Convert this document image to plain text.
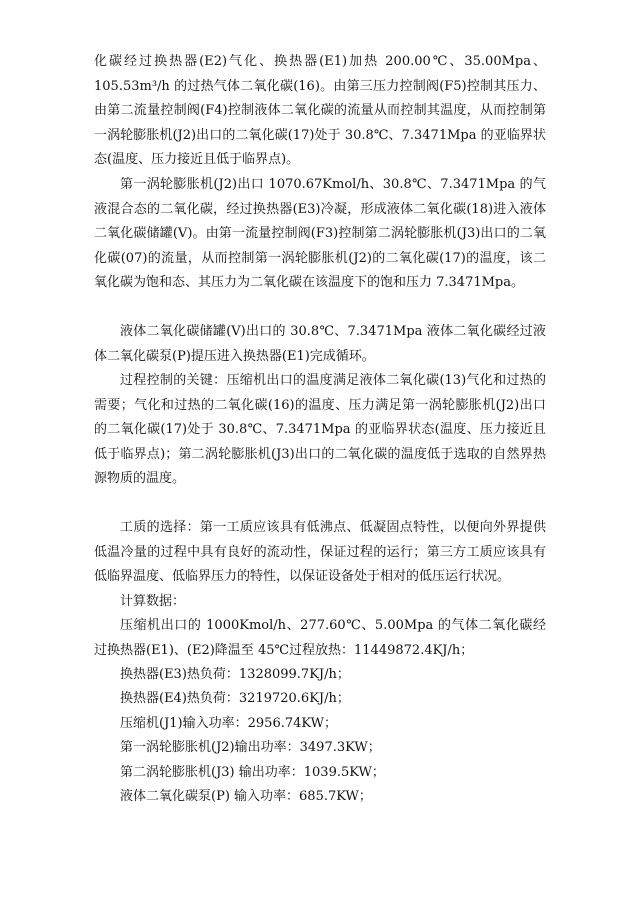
化碳经过换热器(E2)气化、换热器(E1)加热 200.00℃、35.00Mpa、105.53m³/h 的过热气体二氧化碳(16)。由第三压力控制阀(F5)控制其压力、由第二流量控制阀(F4)控制液体二氧化碳的流量从而控制其温度，从而控制第一涡轮膨胀机(J2)出口的二氧化碳(17)处于 30.8℃、7.3471Mpa 的亚临界状态(温度、压力接近且低于临界点)。

第一涡轮膨胀机(J2)出口 1070.67Kmol/h、30.8℃、7.3471Mpa 的气液混合态的二氧化碳，经过换热器(E3)冷凝，形成液体二氧化碳(18)进入液体二氧化碳储罐(V)。由第一流量控制阀(F3)控制第二涡轮膨胀机(J3)出口的二氧化碳(07)的流量，从而控制第一涡轮膨胀机(J2)的二氧化碳(17)的温度，该二氧化碳为饱和态、其压力为二氧化碳在该温度下的饱和压力 7.3471Mpa。

液体二氧化碳储罐(V)出口的 30.8℃、7.3471Mpa 液体二氧化碳经过液体二氧化碳泵(P)提压进入换热器(E1)完成循环。

过程控制的关键：压缩机出口的温度满足液体二氧化碳(13)气化和过热的需要；气化和过热的二氧化碳(16)的温度、压力满足第一涡轮膨胀机(J2)出口的二氧化碳(17)处于 30.8℃、7.3471Mpa 的亚临界状态(温度、压力接近且低于临界点)；第二涡轮膨胀机(J3)出口的二氧化碳的温度低于选取的自然界热源物质的温度。

工质的选择：第一工质应该具有低沸点、低凝固点特性，以便向外界提供低温冷量的过程中具有良好的流动性，保证过程的运行；第三方工质应该具有低临界温度、低临界压力的特性，以保证设备处于相对的低压运行状况。

计算数据：

压缩机出口的 1000Kmol/h、277.60℃、5.00Mpa 的气体二氧化碳经过换热器(E1)、(E2)降温至 45℃过程放热：11449872.4KJ/h；

换热器(E3)热负荷：1328099.7KJ/h；

换热器(E4)热负荷：3219720.6KJ/h；

压缩机(J1)输入功率：2956.74KW；

第一涡轮膨胀机(J2)输出功率：3497.3KW；

第二涡轮膨胀机(J3) 输出功率：1039.5KW；

液体二氧化碳泵(P) 输入功率：685.7KW；
